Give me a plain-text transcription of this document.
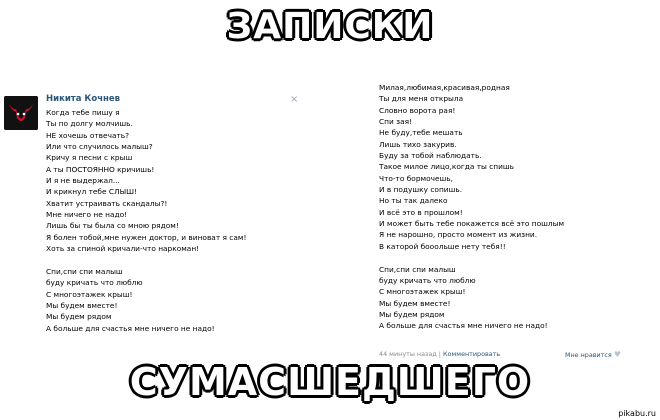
ЗАПИСКИ
Никита Кочнев	×
Когда тебе пишу я
Ты по долгу молчишь.
НЕ хочешь отвечать?
Или что случилось малыш?
Кричу я песни с крыш
А ты ПОСТОЯННО кричишь!
И я не выдержал...
И крикнул тебе СЛЫШ!
Хватит устраивать скандалы?!
Мне ничего не надо!
Лишь бы ты была со мною рядом!
Я болен тобой,мне нужен доктор, и виноват я сам!
Хоть за спиной кричали-что наркоман!

Спи,спи спи малыш
буду кричать что люблю
С многоэтажек крыш!
Мы будем вместе!
Мы будем рядом
А больше для счастья мне ничего не надо!
Милая,любимая,красивая,родная
Ты для меня открыла
Словно ворота рая!
Спи зая!
Не буду,тебе мешать
Лишь тихо закурив.
Буду за тобой наблюдать.
Такое милое лицо,когда ты спишь
Что-то бормочешь,
И в подушку сопишь.
Но ты так далеко
И всё это в прошлом!
И может быть тебе покажется всё это пошлым
Я не нарошно, просто момент из жизни.
В каторой бооольше нету тебя!!

Спи,спи спи малыш
буду кричать что люблю
С многоэтажек крыш!
Мы будем вместе!
Мы будем рядом
А больше для счастья мне ничего не надо!
44 минуты назад | Комментировать	Мне нравится ♥
СУМАСШЕДШЕГО
pikabu.ru
